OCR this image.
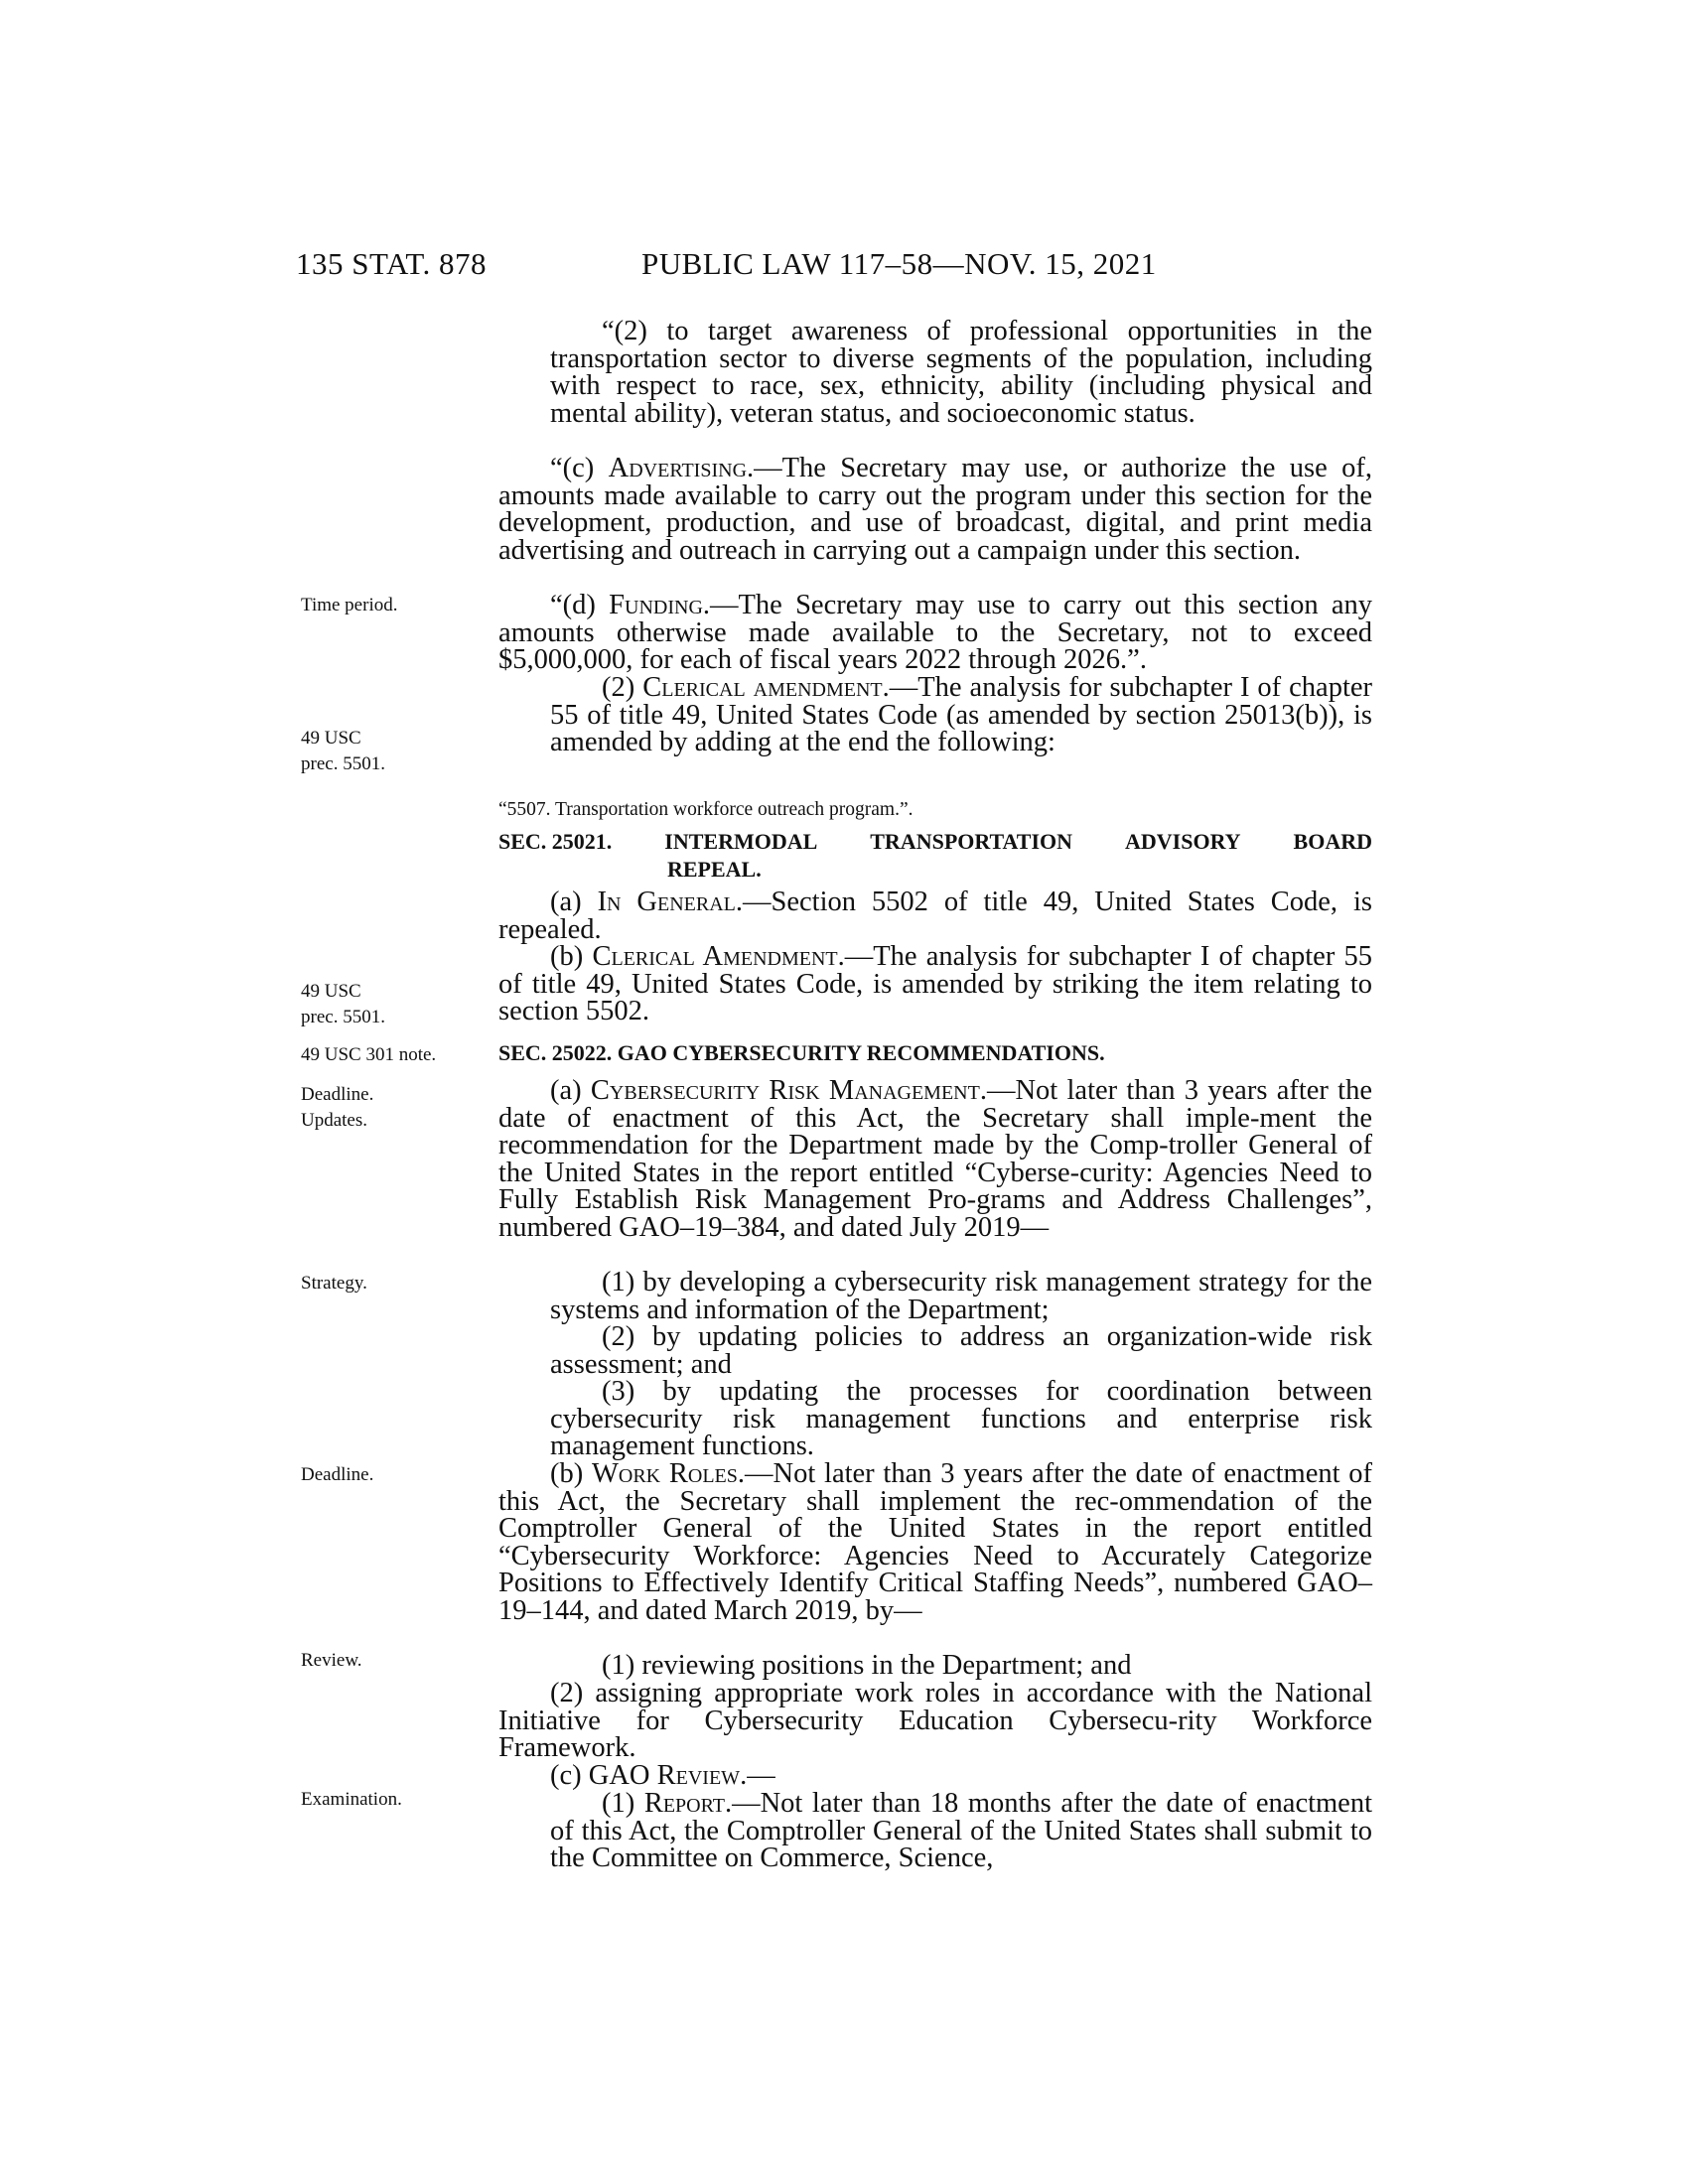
135 STAT. 878	PUBLIC LAW 117–58—NOV. 15, 2021
Time period.
49 USC
prec. 5501.
49 USC
prec. 5501.
49 USC 301 note.
Deadline.
Updates.
Strategy.
Deadline.
Review.
Examination.

“(2) to target awareness of professional opportunities in the transportation sector to diverse segments of the population, including with respect to race, sex, ethnicity, ability (including physical and mental ability), veteran status, and socioeconomic status.

“(c) Advertising.—The Secretary may use, or authorize the use of, amounts made available to carry out the program under this section for the development, production, and use of broadcast, digital, and print media advertising and outreach in carrying out a campaign under this section.

“(d) Funding.—The Secretary may use to carry out this section any amounts otherwise made available to the Secretary, not to exceed $5,000,000, for each of fiscal years 2022 through 2026.”.

(2) Clerical amendment.—The analysis for subchapter I of chapter 55 of title 49, United States Code (as amended by section 25013(b)), is amended by adding at the end the following:

“5507. Transportation workforce outreach program.”.
SEC. 25021. INTERMODAL TRANSPORTATION ADVISORY BOARD
REPEAL.

(a) In General.—Section 5502 of title 49, United States Code, is repealed.

(b) Clerical Amendment.—The analysis for subchapter I of chapter 55 of title 49, United States Code, is amended by striking the item relating to section 5502.

SEC. 25022. GAO CYBERSECURITY RECOMMENDATIONS.

(a) Cybersecurity Risk Management.—Not later than 3 years after the date of enactment of this Act, the Secretary shall imple-ment the recommendation for the Department made by the Comp-troller General of the United States in the report entitled “Cyberse-curity: Agencies Need to Fully Establish Risk Management Pro-grams and Address Challenges”, numbered GAO–19–384, and dated July 2019—

(1) by developing a cybersecurity risk management strategy for the systems and information of the Department;

(2) by updating policies to address an organization-wide risk assessment; and

(3) by updating the processes for coordination between cybersecurity risk management functions and enterprise risk management functions.

(b) Work Roles.—Not later than 3 years after the date of enactment of this Act, the Secretary shall implement the rec-ommendation of the Comptroller General of the United States in the report entitled “Cybersecurity Workforce: Agencies Need to Accurately Categorize Positions to Effectively Identify Critical Staffing Needs”, numbered GAO–19–144, and dated March 2019, by—

(1) reviewing positions in the Department; and

(2) assigning appropriate work roles in accordance with the National Initiative for Cybersecurity Education Cybersecu-rity Workforce Framework.

(c) GAO Review.—

(1) Report.—Not later than 18 months after the date of enactment of this Act, the Comptroller General of the United States shall submit to the Committee on Commerce, Science,
